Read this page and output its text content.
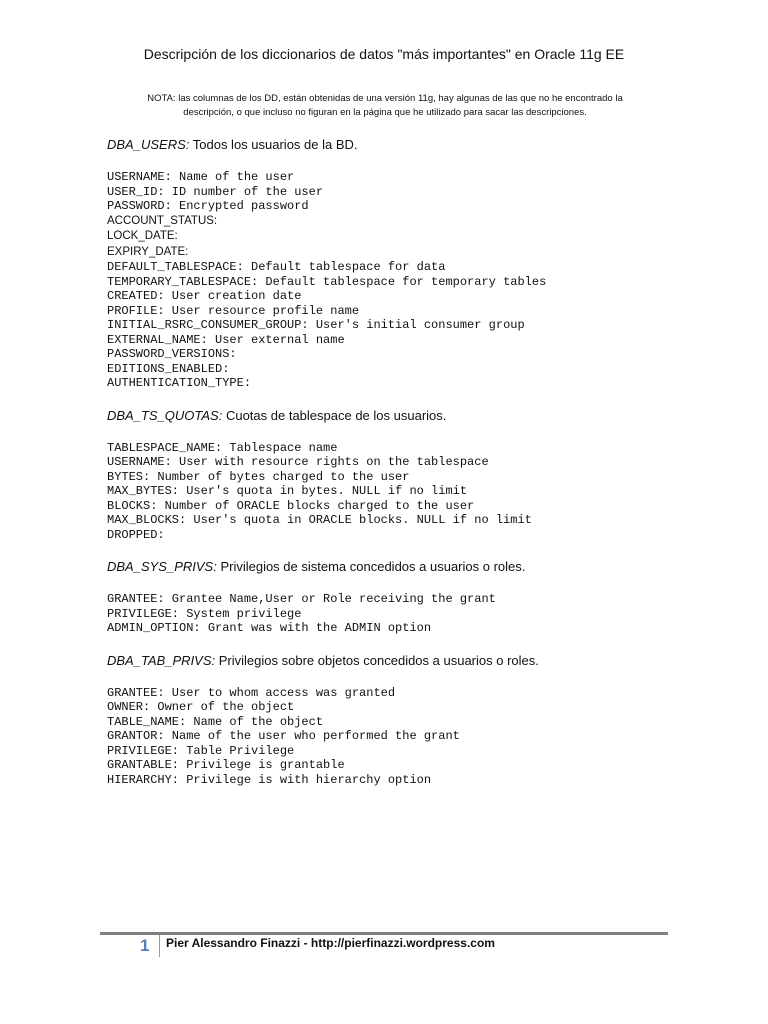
Descripción de los diccionarios de datos "más importantes" en Oracle 11g EE
NOTA: las columnas de los DD, están obtenidas de una versión 11g, hay algunas de las que no he encontrado la
descripción, o que incluso no figuran en la página que he utilizado para sacar las descripciones.
DBA_USERS: Todos los usuarios de la BD.
USERNAME: Name of the user
USER_ID: ID number of the user
PASSWORD: Encrypted password
ACCOUNT_STATUS:
LOCK_DATE:
EXPIRY_DATE:
DEFAULT_TABLESPACE: Default tablespace for data
TEMPORARY_TABLESPACE: Default tablespace for temporary tables
CREATED: User creation date
PROFILE: User resource profile name
INITIAL_RSRC_CONSUMER_GROUP: User's initial consumer group
EXTERNAL_NAME: User external name
PASSWORD_VERSIONS:
EDITIONS_ENABLED:
AUTHENTICATION_TYPE:
DBA_TS_QUOTAS: Cuotas de tablespace de los usuarios.
TABLESPACE_NAME: Tablespace name
USERNAME: User with resource rights on the tablespace
BYTES: Number of bytes charged to the user
MAX_BYTES: User's quota in bytes. NULL if no limit
BLOCKS: Number of ORACLE blocks charged to the user
MAX_BLOCKS: User's quota in ORACLE blocks. NULL if no limit
DROPPED:
DBA_SYS_PRIVS: Privilegios de sistema concedidos a usuarios o roles.
GRANTEE: Grantee Name,User or Role receiving the grant
PRIVILEGE: System privilege
ADMIN_OPTION: Grant was with the ADMIN option
DBA_TAB_PRIVS: Privilegios sobre objetos concedidos a usuarios o roles.
GRANTEE: User to whom access was granted
OWNER: Owner of the object
TABLE_NAME: Name of the object
GRANTOR: Name of the user who performed the grant
PRIVILEGE: Table Privilege
GRANTABLE: Privilege is grantable
HIERARCHY: Privilege is with hierarchy option
1 Pier Alessandro Finazzi - http://pierfinazzi.wordpress.com
